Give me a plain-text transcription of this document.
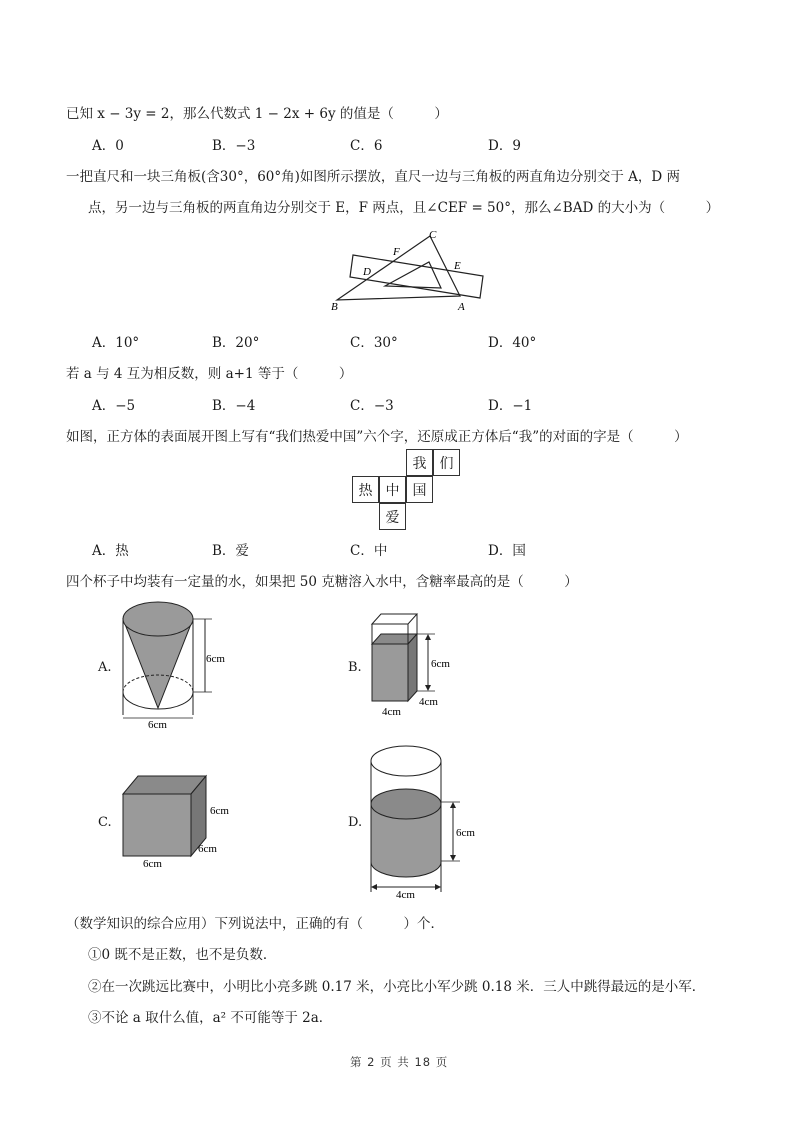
已知 x − 3y = 2，那么代数式 1 − 2x + 6y 的值是（　　　）
A．0	B．−3	C．6	D．9
一把直尺和一块三角板(含30°，60°角)如图所示摆放，直尺一边与三角板的两直角边分别交于 A，D 两
点，另一边与三角板的两直角边分别交于 E，F 两点，且∠CEF = 50°，那么∠BAD 的大小为（　　　）
C
F
E
D
B	A
A．10°	B．20°	C．30°	D．40°
若 a 与 4 互为相反数，则 a+1 等于（　　　）
A．−5	B．−4	C．−3	D．−1
如图，正方体的表面展开图上写有“我们热爱中国”六个字，还原成正方体后“我”的对面的字是（　　　）
我 们
热 中 国
爱
A．热	B．爱	C．中	D．国
四个杯子中均装有一定量的水，如果把 50 克糖溶入水中，含糖率最高的是（　　　）
A.
6cm
6cm
B.	6cm
4cm
4cm
C.
6cm
6cm
6cm
D.
6cm
4cm
（数学知识的综合应用）下列说法中，正确的有（　　　）个．
①0 既不是正数，也不是负数．
②在一次跳远比赛中，小明比小亮多跳 0.17 米，小亮比小军少跳 0.18 米．三人中跳得最远的是小军．
③不论 a 取什么值，a² 不可能等于 2a．
第 2 页 共 18 页
